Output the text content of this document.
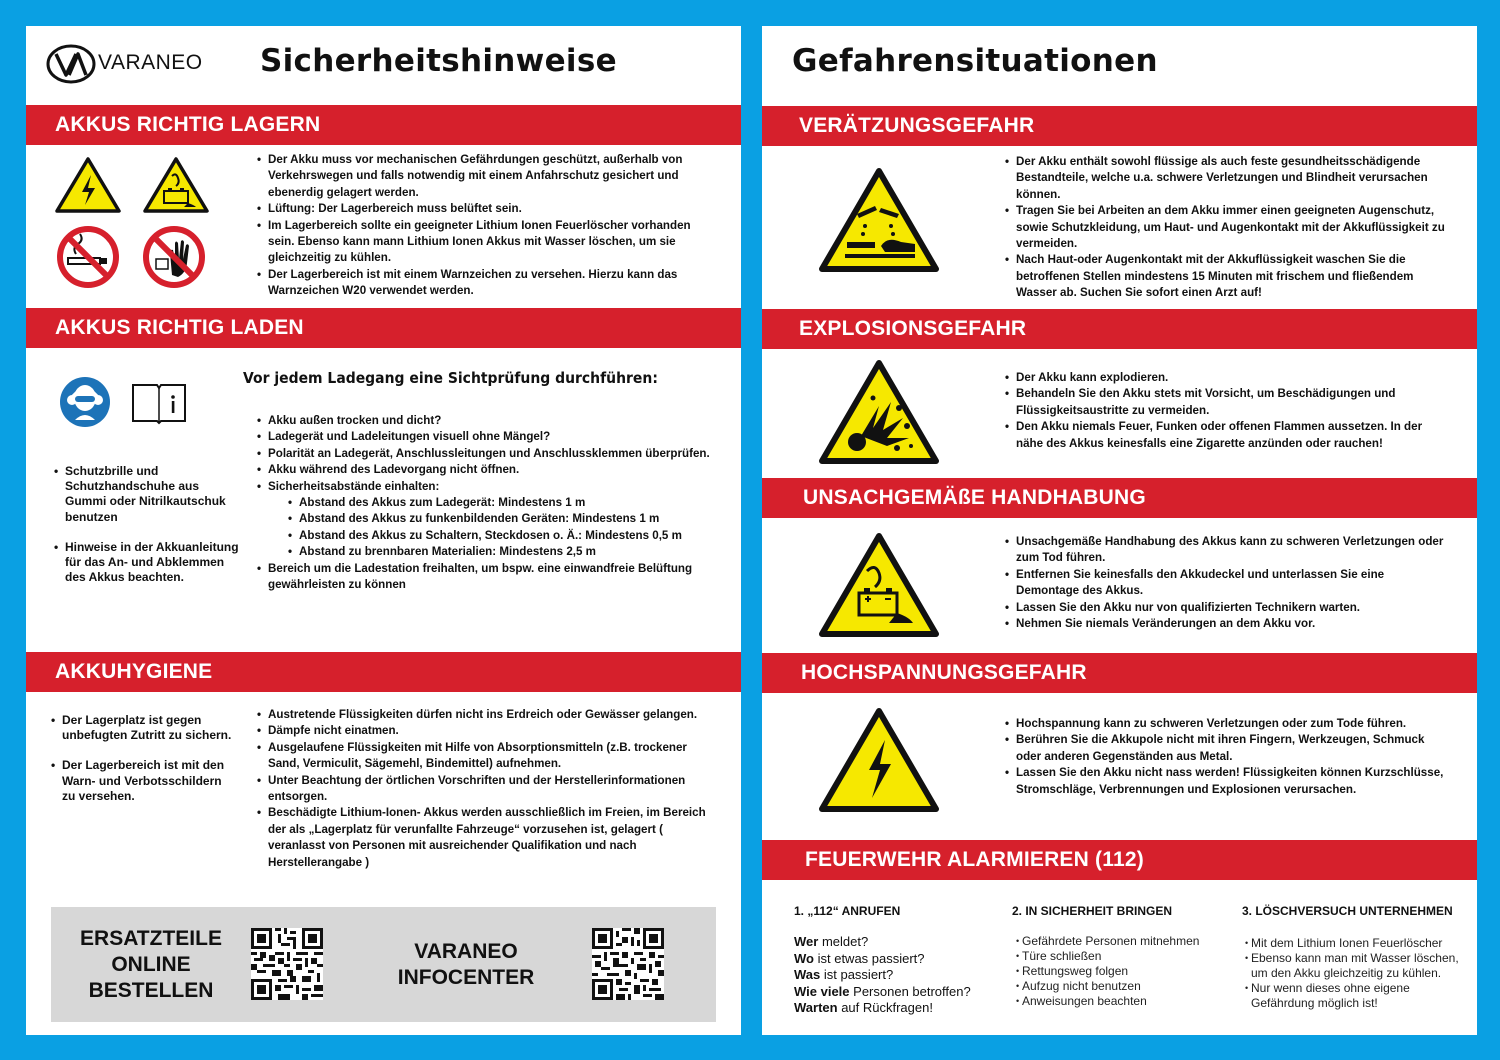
VARANEO Sicherheitshinweise
AKKUS RICHTIG LAGERN
• Der Akku muss vor mechanischen Gefährdungen geschützt, außerhalb von Verkehrswegen und falls notwendig mit einem Anfahrschutz gesichert und ebenerdig gelagert werden.
• Lüftung: Der Lagerbereich muss belüftet sein.
• Im Lagerbereich sollte ein geeigneter Lithium Ionen Feuerlöscher vorhanden sein. Ebenso kann mann Lithium Ionen Akkus mit Wasser löschen, um sie gleichzeitig zu kühlen.
• Der Lagerbereich ist mit einem Warnzeichen zu versehen. Hierzu kann das Warnzeichen W20 verwendet werden.
AKKUS RICHTIG LADEN
Vor jedem Ladegang eine Sichtprüfung durchführen:
• Schutzbrille und Schutzhandschuhe aus Gummi oder Nitrilkautschuk benutzen
• Hinweise in der Akkuanleitung für das An- und Abklemmen des Akkus beachten.
• Akku außen trocken und dicht?
• Ladegerät und Ladeleitungen visuell ohne Mängel?
• Polarität an Ladegerät, Anschlussleitungen und Anschlussklemmen überprüfen.
• Akku während des Ladevorgang nicht öffnen.
• Sicherheitsabstände einhalten:
• Abstand des Akkus zum Ladegerät: Mindestens 1 m
• Abstand des Akkus zu funkenbildenden Geräten: Mindestens 1 m
• Abstand des Akkus zu Schaltern, Steckdosen o. Ä.: Mindestens 0,5 m
• Abstand zu brennbaren Materialien: Mindestens 2,5 m
• Bereich um die Ladestation freihalten, um bspw. eine einwandfreie Belüftung gewährleisten zu können
AKKUHYGIENE
• Der Lagerplatz ist gegen unbefugten Zutritt zu sichern.
• Der Lagerbereich ist mit den Warn- und Verbotsschildern zu versehen.
• Austretende Flüssigkeiten dürfen nicht ins Erdreich oder Gewässer gelangen.
• Dämpfe nicht einatmen.
• Ausgelaufene Flüssigkeiten mit Hilfe von Absorptionsmitteln (z.B. trockener Sand, Vermiculit, Sägemehl, Bindemittel) aufnehmen.
• Unter Beachtung der örtlichen Vorschriften und der Herstellerinformationen entsorgen.
• Beschädigte Lithium-Ionen- Akkus werden ausschließlich im Freien, im Bereich der als „Lagerplatz für verunfallte Fahrzeuge“ vorzusehen ist, gelagert ( veranlasst von Personen mit ausreichender Qualifikation und nach Herstellerangabe )
ERSATZTEILE
ONLINE
BESTELLEN
VARANEO
INFOCENTER
Gefahrensituationen
VERÄTZUNGSGEFAHR
• Der Akku enthält sowohl flüssige als auch feste gesundheitsschädigende Bestandteile, welche u.a. schwere Verletzungen und Blindheit verursachen können.
• Tragen Sie bei Arbeiten an dem Akku immer einen geeigneten Augenschutz, sowie Schutzkleidung, um Haut- und Augenkontakt mit der Akkuflüssigkeit zu vermeiden.
• Nach Haut-oder Augenkontakt mit der Akkuflüssigkeit waschen Sie die betroffenen Stellen mindestens 15 Minuten mit frischem und fließendem Wasser ab. Suchen Sie sofort einen Arzt auf!
EXPLOSIONSGEFAHR
• Der Akku kann explodieren.
• Behandeln Sie den Akku stets mit Vorsicht, um Beschädigungen und Flüssigkeitsaustritte zu vermeiden.
• Den Akku niemals Feuer, Funken oder offenen Flammen aussetzen. In der nähe des Akkus keinesfalls eine Zigarette anzünden oder rauchen!
UNSACHGEMÄßE HANDHABUNG
• Unsachgemäße Handhabung des Akkus kann zu schweren Verletzungen oder zum Tod führen.
• Entfernen Sie keinesfalls den Akkudeckel und unterlassen Sie eine Demontage des Akkus.
• Lassen Sie den Akku nur von qualifizierten Technikern warten.
• Nehmen Sie niemals Veränderungen an dem Akku vor.
HOCHSPANNUNGSGEFAHR
• Hochspannung kann zu schweren Verletzungen oder zum Tode führen.
• Berühren Sie die Akkupole nicht mit ihren Fingern, Werkzeugen, Schmuck oder anderen Gegenständen aus Metal.
• Lassen Sie den Akku nicht nass werden! Flüssigkeiten können Kurzschlüsse, Stromschläge, Verbrennungen und Explosionen verursachen.
FEUERWEHR ALARMIEREN (112)
1. „112“ ANRUFEN
Wer meldet?
Wo ist etwas passiert?
Was ist passiert?
Wie viele Personen betroffen?
Warten auf Rückfragen!
2. IN SICHERHEIT BRINGEN
• Gefährdete Personen mitnehmen
• Türe schließen
• Rettungsweg folgen
• Aufzug nicht benutzen
• Anweisungen beachten
3. LÖSCHVERSUCH UNTERNEHMEN
• Mit dem Lithium Ionen Feuerlöscher
• Ebenso kann man mit Wasser löschen, um den Akku gleichzeitig zu kühlen.
• Nur wenn dieses ohne eigene Gefährdung möglich ist!
